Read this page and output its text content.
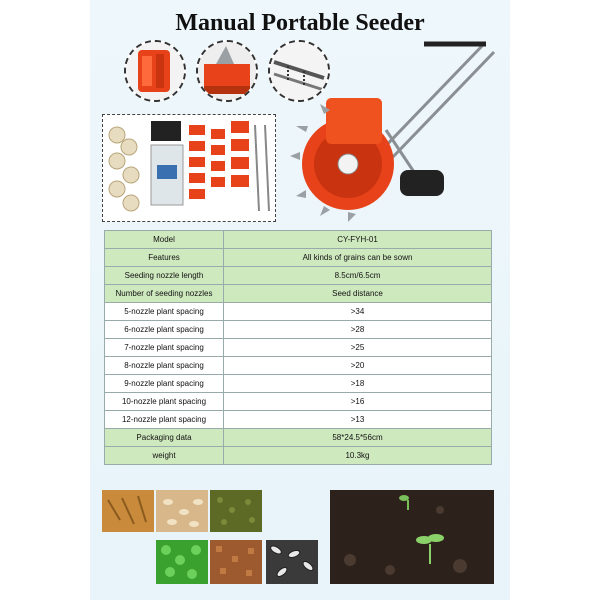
Manual Portable Seeder
Model	CY-FYH-01
Features	All kinds of grains can be sown
Seeding nozzle length	8.5cm/6.5cm
Number of seeding nozzles	Seed distance
5-nozzle plant spacing	>34
6-nozzle plant spacing	>28
7-nozzle plant spacing	>25
8-nozzle plant spacing	>20
9-nozzle plant spacing	>18
10-nozzle plant spacing	>16
12-nozzle plant spacing	>13
Packaging data	58*24.5*56cm
weight	10.3kg
